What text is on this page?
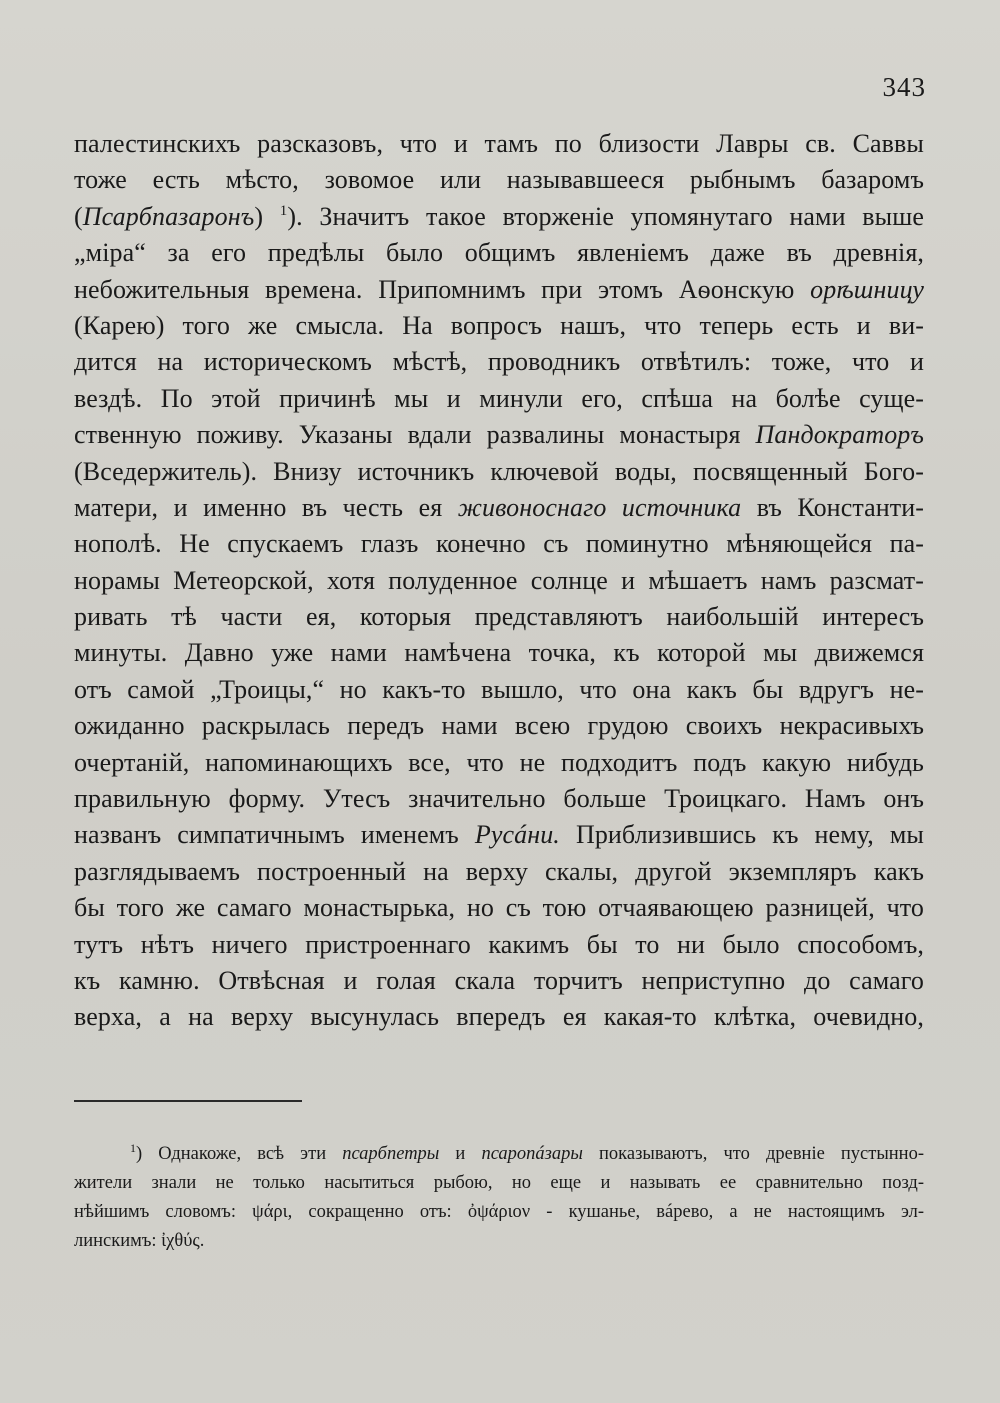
343
палестинскихъ разсказовъ, что и тамъ по близости Лавры св. Саввы
тоже есть мѣсто, зовомое или называвшееся рыбнымъ базаромъ
(Псарбпазаронъ) $^1$). Значитъ такое вторженіе упомянутаго нами выше
„міра“ за его предѣлы было общимъ явленіемъ даже въ древнія,
небожительныя времена. Припомнимъ при этомъ Аѳонскую орѣшницу
(Карею) того же смысла. На вопросъ нашъ, что теперь есть и ви-
дится на историческомъ мѣстѣ, проводникъ отвѣтилъ: тоже, что и
вездѣ. По этой причинѣ мы и минули его, спѣша на болѣе суще-
ственную поживу. Указаны вдали развалины монастыря Пандократоръ
(Вседержитель). Внизу источникъ ключевой воды, посвященный Бого-
матери, и именно въ честь ея живоноснаго источника въ Константи-
нополѣ. Не спускаемъ глазъ конечно съ поминутно мѣняющейся па-
норамы Метеорской, хотя полуденное солнце и мѣшаетъ намъ разсмат-
ривать тѣ части ея, которыя представляютъ наибольшій интересъ
минуты. Давно уже нами намѣчена точка, къ которой мы движемся
отъ самой „Троицы,“ но какъ-то вышло, что она какъ бы вдругъ не-
ожиданно раскрылась передъ нами всею грудою своихъ некрасивыхъ
очертаній, напоминающихъ все, что не подходитъ подъ какую нибудь
правильную форму. Утесъ значительно больше Троицкаго. Намъ онъ
названъ симпатичнымъ именемъ Русáни. Приблизившись къ нему, мы
разглядываемъ построенный на верху скалы, другой экземпляръ какъ
бы того же самаго монастырька, но съ тою отчаявающею разницей, что
тутъ нѣтъ ничего пристроеннаго какимъ бы то ни было способомъ,
къ камню. Отвѣсная и голая скала торчитъ неприступно до самаго
верха, а на верху высунулась впередъ ея какая-то клѣтка, очевидно,
$^1$) Однакоже, всѣ эти псарбпетры и псаропáзары показываютъ, что древніе пустынно-
жители знали не только насытиться рыбою, но еще и называть ее сравнительно позд-
нѣйшимъ словомъ: ψάρι, сокращенно отъ: ὀψάριον - кушанье, вáрево, а не настоящимъ эл-
линскимъ: ἰχθύς.
